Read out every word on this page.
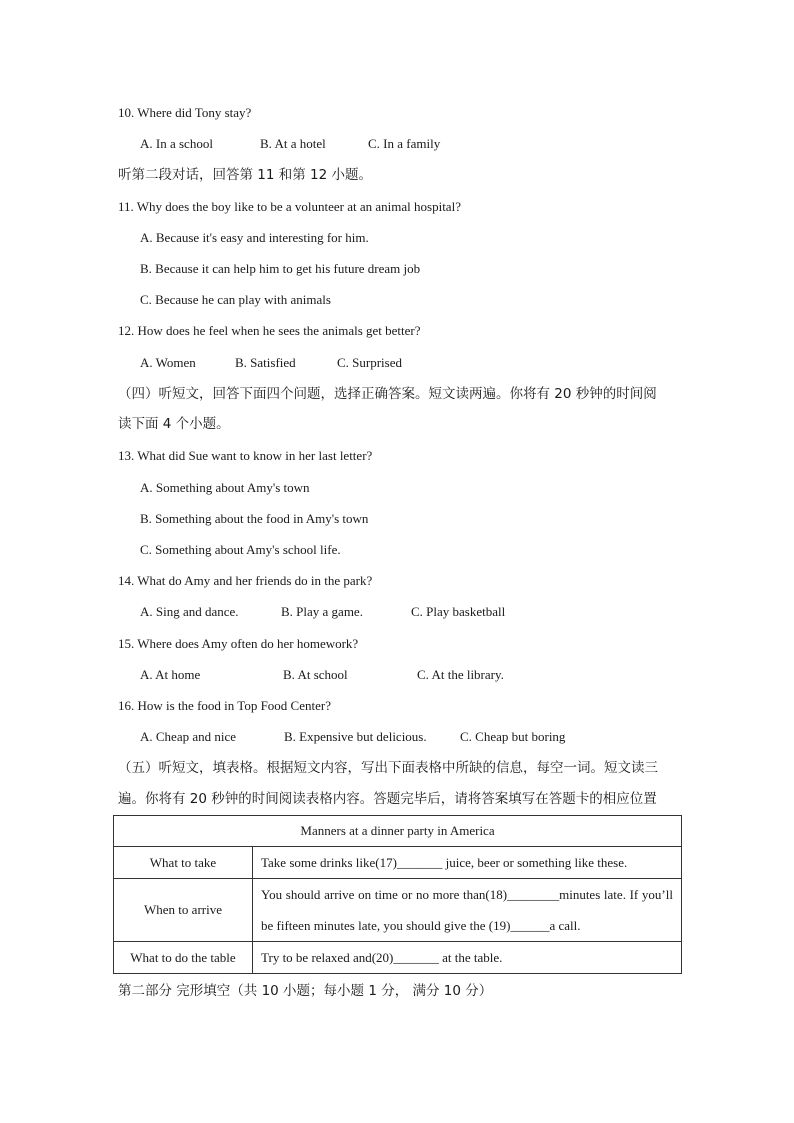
10. Where did Tony stay?
A. In a school	B. At a hotel	C. In a family
听第二段对话，回答第 11 和第 12 小题。
11. Why does the boy like to be a volunteer at an animal hospital?
A. Because it's easy and interesting for him.
B. Because it can help him to get his future dream job
C. Because he can play with animals
12. How does he feel when he sees the animals get better?
A. Women	B. Satisfied	C. Surprised
（四）听短文，回答下面四个问题，选择正确答案。短文读两遍。你将有 20 秒钟的时间阅
读下面 4 个小题。
13. What did Sue want to know in her last letter?
A. Something about Amy's town
B. Something about the food in Amy's town
C. Something about Amy's school life.
14. What do Amy and her friends do in the park?
A. Sing and dance.	B. Play a game.	C. Play basketball
15. Where does Amy often do her homework?
A. At home	B. At school	C. At the library.
16. How is the food in Top Food Center?
A. Cheap and nice	B. Expensive but delicious.	C. Cheap but boring
（五）听短文，填表格。根据短文内容，写出下面表格中所缺的信息，每空一词。短文读三
遍。你将有 20 秒钟的时间阅读表格内容。答题完毕后，请将答案填写在答题卡的相应位置
Manners at a dinner party in America	
What to take	Take some drinks like(17)_______ juice, beer or something like these.
When to arrive	You should arrive on time or no more than(18)________minutes late. If you’ll be fifteen minutes late, you should give the (19)______a call.
What to do the table	Try to be relaxed and(20)_______ at the table.
第二部分 完形填空（共 10 小题；每小题 1 分， 满分 10 分）
